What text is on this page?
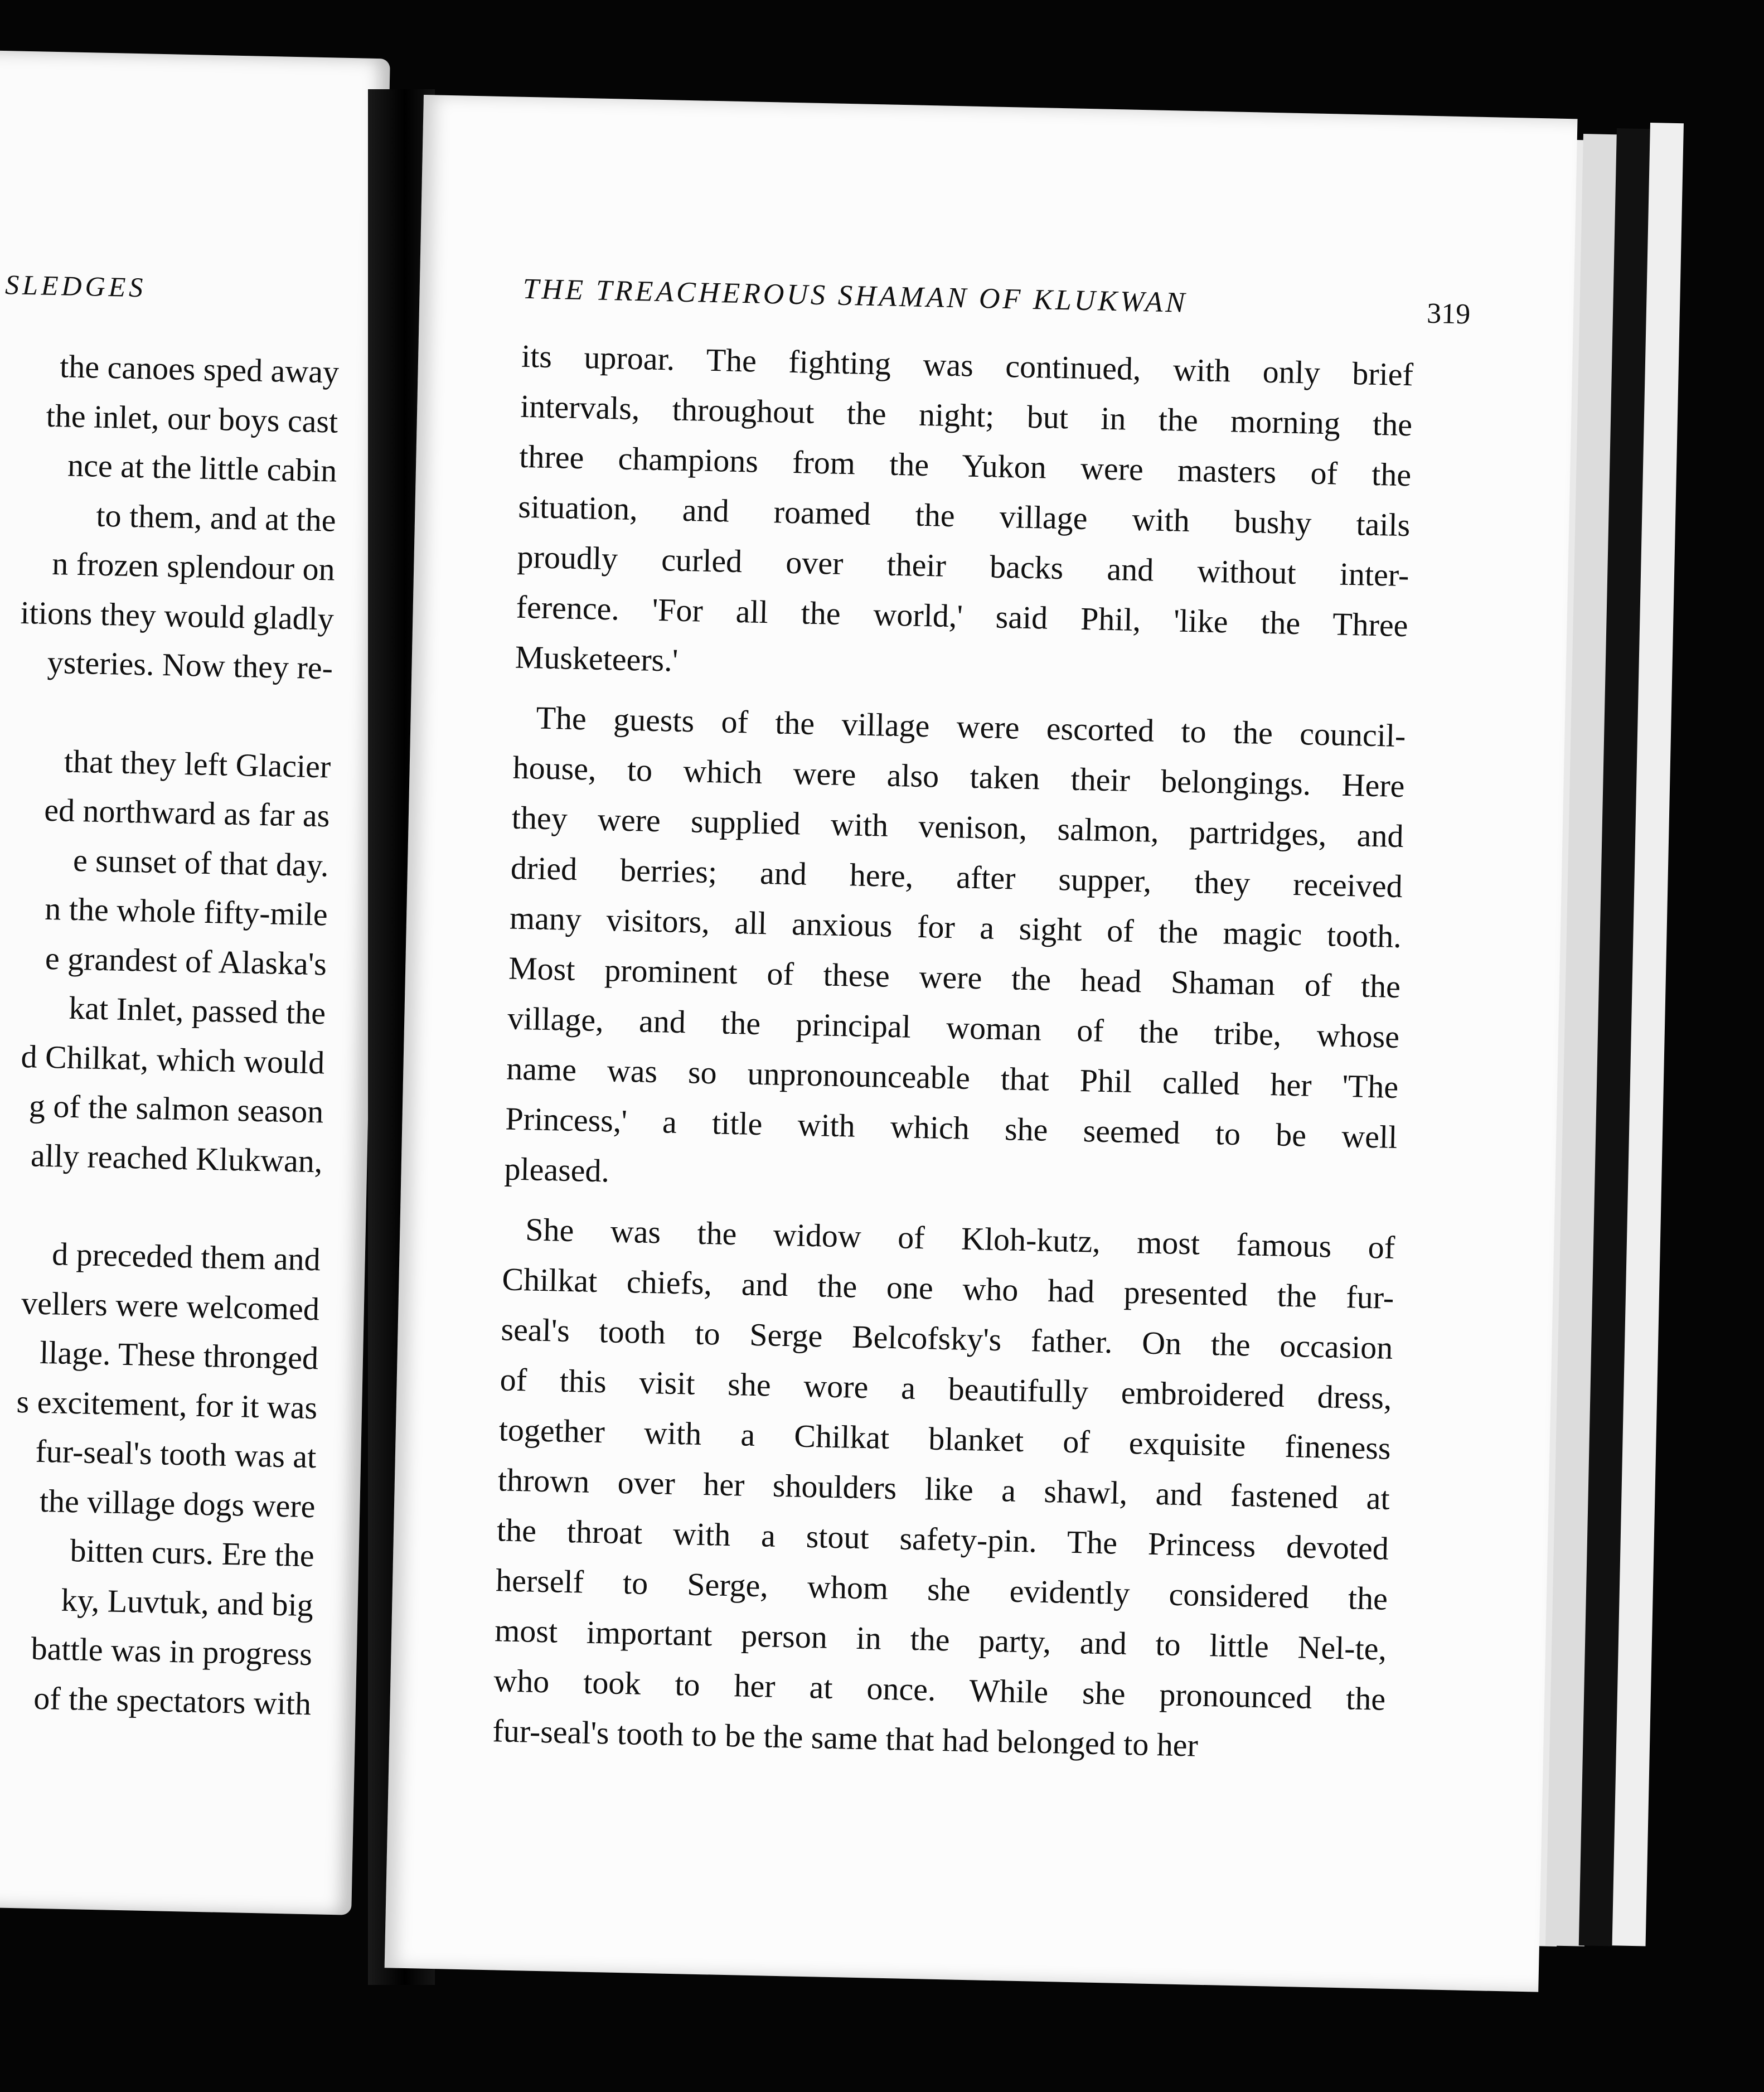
SLEDGES
the canoes sped away
the inlet, our boys cast
nce at the little cabin
to them, and at the
n frozen splendour on
itions they would gladly
ysteries. Now they re-
that they left Glacier
ed northward as far as
e sunset of that day.
n the whole fifty-mile
e grandest of Alaska's
kat Inlet, passed the
d Chilkat, which would
g of the salmon season
ally reached Klukwan,
d preceded them and
vellers were welcomed
llage. These thronged
s excitement, for it was
fur-seal's tooth was at
the village dogs were
bitten curs. Ere the
ky, Luvtuk, and big
battle was in progress
of the spectators with
THE TREACHEROUS SHAMAN OF KLUKWAN	319
its uproar. The fighting was continued, with only brief
intervals, throughout the night; but in the morning the
three champions from the Yukon were masters of the
situation, and roamed the village with bushy tails
proudly curled over their backs and without inter-
ference. 'For all the world,' said Phil, 'like the Three
Musketeers.'
The guests of the village were escorted to the council-
house, to which were also taken their belongings. Here
they were supplied with venison, salmon, partridges, and
dried berries; and here, after supper, they received
many visitors, all anxious for a sight of the magic tooth.
Most prominent of these were the head Shaman of the
village, and the principal woman of the tribe, whose
name was so unpronounceable that Phil called her 'The
Princess,' a title with which she seemed to be well
pleased.
She was the widow of Kloh-kutz, most famous of
Chilkat chiefs, and the one who had presented the fur-
seal's tooth to Serge Belcofsky's father. On the occasion
of this visit she wore a beautifully embroidered dress,
together with a Chilkat blanket of exquisite fineness
thrown over her shoulders like a shawl, and fastened at
the throat with a stout safety-pin. The Princess devoted
herself to Serge, whom she evidently considered the
most important person in the party, and to little Nel-te,
who took to her at once. While she pronounced the
fur-seal's tooth to be the same that had belonged to her
